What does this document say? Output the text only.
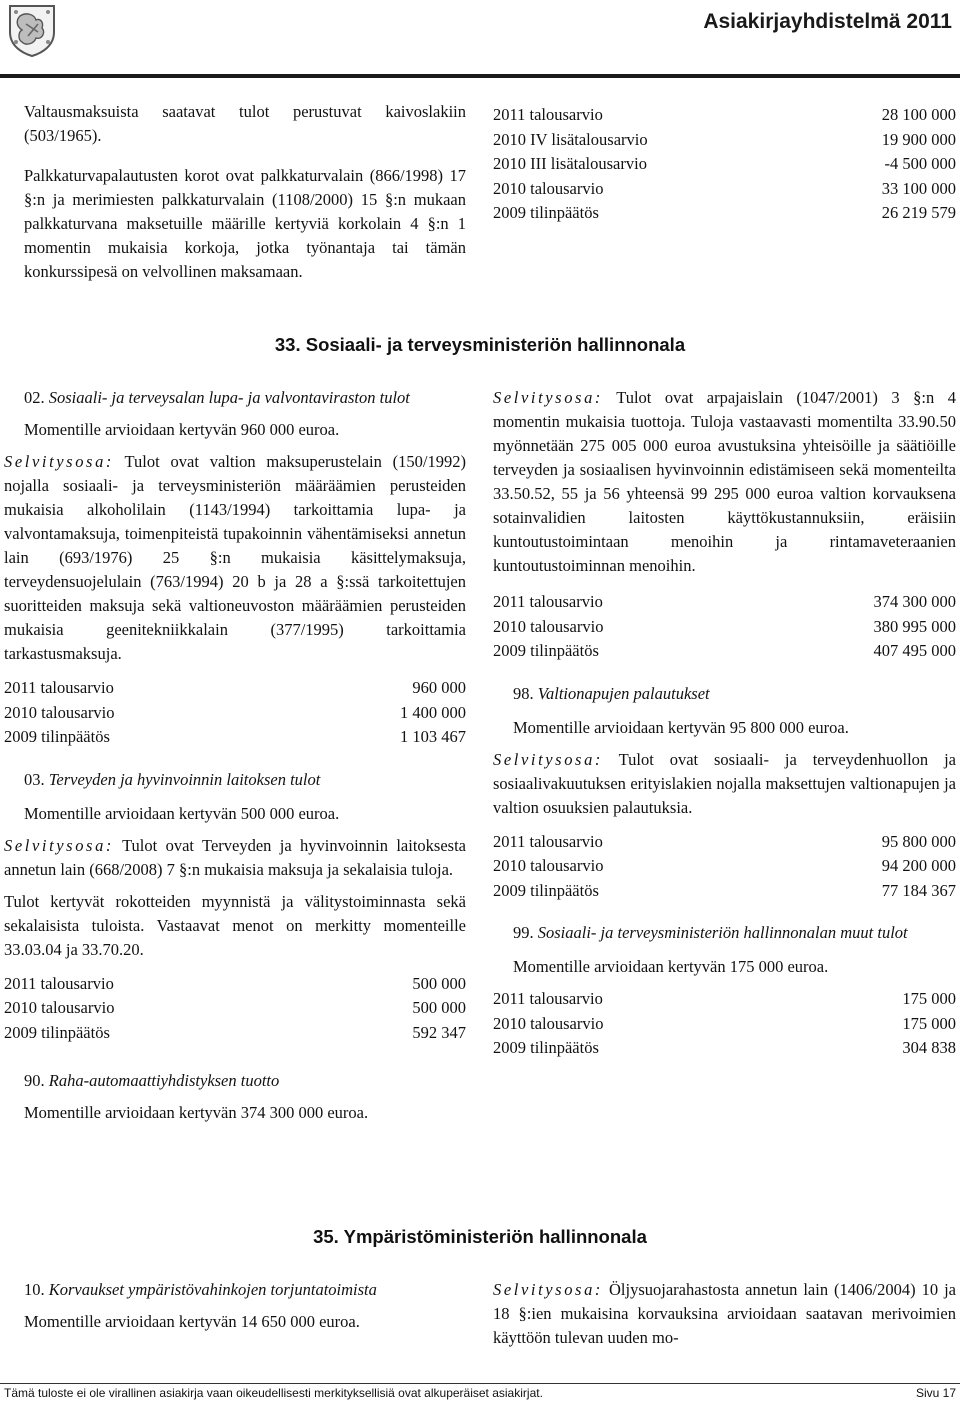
Asiakirjayhdistelmä 2011

Valtausmaksuista saatavat tulot perustuvat kaivoslakiin (503/1965).

Palkkaturvapalautusten korot ovat palkkaturvalain (866/1998) 17 §:n ja merimiesten palkkaturvalain (1108/2000) 15 §:n mukaan palkkaturvana maksetuille määrille kertyviä korkolain 4 §:n 1 momentin mukaisia korkoja, jotka työnantaja tai tämän konkurssipesä on velvollinen maksamaan.

2011 talousarvio	28 100 000
2010 IV lisätalousarvio	19 900 000
2010 III lisätalousarvio	-4 500 000
2010 talousarvio	33 100 000
2009 tilinpäätös	26 219 579
33. Sosiaali- ja terveysministeriön hallinnonala

02. Sosiaali- ja terveysalan lupa- ja valvontaviraston tulot

Momentille arvioidaan kertyvän 960 000 euroa.

Selvitysosa: Tulot ovat valtion maksuperustelain (150/1992) nojalla sosiaali- ja terveysministeriön määräämien perusteiden mukaisia alkoholilain (1143/1994) tarkoittamia lupa- ja valvontamaksuja, toimenpiteistä tupakoinnin vähentämiseksi annetun lain (693/1976) 25 §:n mukaisia käsittelymaksuja, terveydensuojelulain (763/1994) 20 b ja 28 a §:ssä tarkoitettujen suoritteiden maksuja sekä valtioneuvoston määräämien perusteiden mukaisia geenitekniikkalain (377/1995) tarkoittamia tarkastusmaksuja.

2011 talousarvio	960 000
2010 talousarvio	1 400 000
2009 tilinpäätös	1 103 467

03. Terveyden ja hyvinvoinnin laitoksen tulot

Momentille arvioidaan kertyvän 500 000 euroa.

Selvitysosa: Tulot ovat Terveyden ja hyvinvoinnin laitoksesta annetun lain (668/2008) 7 §:n mukaisia maksuja ja sekalaisia tuloja.

Tulot kertyvät rokotteiden myynnistä ja välitystoiminnasta sekä sekalaisista tuloista. Vastaavat menot on merkitty momenteille 33.03.04 ja 33.70.20.

2011 talousarvio	500 000
2010 talousarvio	500 000
2009 tilinpäätös	592 347

90. Raha-automaattiyhdistyksen tuotto

Momentille arvioidaan kertyvän 374 300 000 euroa.

Selvitysosa: Tulot ovat arpajaislain (1047/2001) 3 §:n 4 momentin mukaisia tuottoja. Tuloja vastaavasti momentilta 33.90.50 myönnetään 275 005 000 euroa avustuksina yhteisöille ja säätiöille terveyden ja sosiaalisen hyvinvoinnin edistämiseen sekä momenteilta 33.50.52, 55 ja 56 yhteensä 99 295 000 euroa valtion korvauksena sotainvalidien laitosten käyttökustannuksiin, eräisiin kuntoutustoimintaan menoihin ja rintamaveteraanien kuntoutustoiminnan menoihin.

2011 talousarvio	374 300 000
2010 talousarvio	380 995 000
2009 tilinpäätös	407 495 000

98. Valtionapujen palautukset

Momentille arvioidaan kertyvän 95 800 000 euroa.

Selvitysosa: Tulot ovat sosiaali- ja terveydenhuollon ja sosiaalivakuutuksen erityislakien nojalla maksettujen valtionapujen ja valtion osuuksien palautuksia.

2011 talousarvio	95 800 000
2010 talousarvio	94 200 000
2009 tilinpäätös	77 184 367

99. Sosiaali- ja terveysministeriön hallinnonalan muut tulot

Momentille arvioidaan kertyvän 175 000 euroa.

2011 talousarvio	175 000
2010 talousarvio	175 000
2009 tilinpäätös	304 838
35. Ympäristöministeriön hallinnonala

10. Korvaukset ympäristövahinkojen torjuntatoimista

Momentille arvioidaan kertyvän 14 650 000 euroa.

Selvitysosa: Öljysuojarahastosta annetun lain (1406/2004) 10 ja 18 §:ien mukaisina korvauksina arvioidaan saatavan merivoimien käyttöön tulevan uuden mo-

Tämä tuloste ei ole virallinen asiakirja vaan oikeudellisesti merkityksellisiä ovat alkuperäiset asiakirjat.	Sivu 17
